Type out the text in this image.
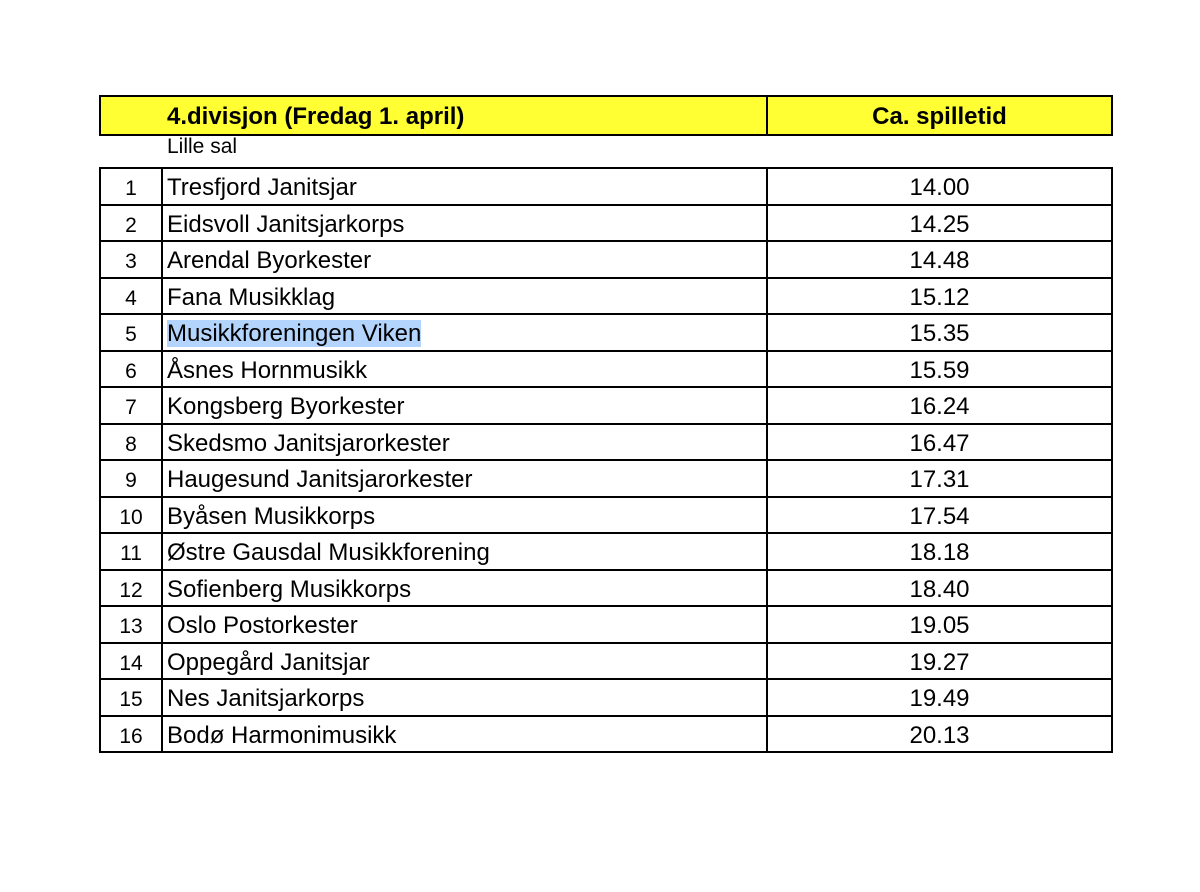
4.divisjon (Fredag 1. april)	Ca. spilletid
Lille sal
1	Tresfjord Janitsjar	14.00
2	Eidsvoll Janitsjarkorps	14.25
3	Arendal Byorkester	14.48
4	Fana Musikklag	15.12
5	Musikkforeningen Viken	15.35
6	Åsnes Hornmusikk	15.59
7	Kongsberg Byorkester	16.24
8	Skedsmo Janitsjarorkester	16.47
9	Haugesund Janitsjarorkester	17.31
10	Byåsen Musikkorps	17.54
11	Østre Gausdal Musikkforening	18.18
12	Sofienberg Musikkorps	18.40
13	Oslo Postorkester	19.05
14	Oppegård Janitsjar	19.27
15	Nes Janitsjarkorps	19.49
16	Bodø Harmonimusikk	20.13
